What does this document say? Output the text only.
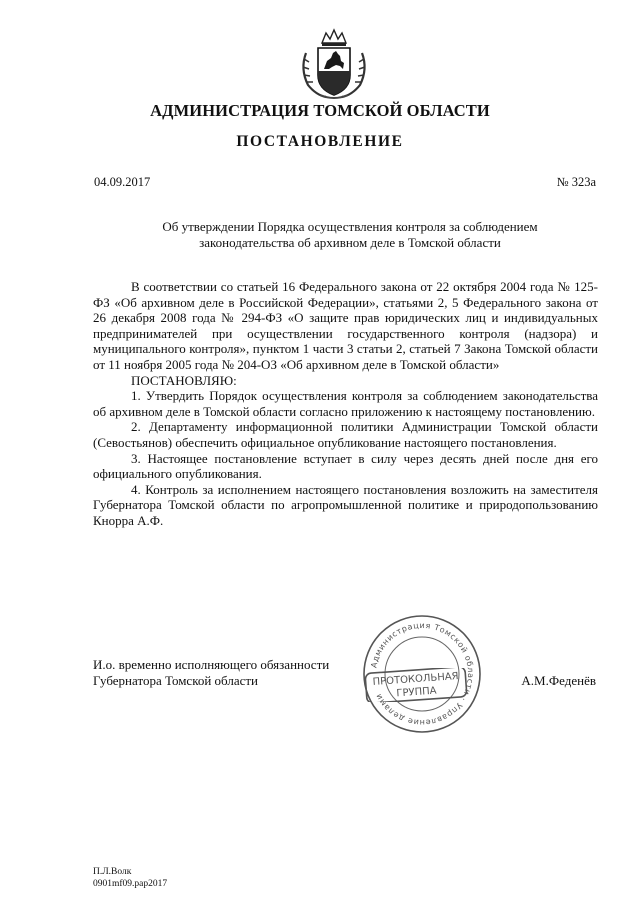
АДМИНИСТРАЦИЯ ТОМСКОЙ ОБЛАСТИ
ПОСТАНОВЛЕНИЕ
04.09.2017	№ 323а
Об утверждении Порядка осуществления контроля за соблюдением
законодательства об архивном деле в Томской области

В соответствии со статьей 16 Федерального закона от 22 октября 2004 года № 125-ФЗ «Об архивном деле в Российской Федерации», статьями 2, 5 Федерального закона от 26 декабря 2008 года № 294-ФЗ «О защите прав юридических лиц и индивидуальных предпринимателей при осуществлении государственного контроля (надзора) и муниципального контроля», пунктом 1 части 3 статьи 2, статьей 7 Закона Томской области от 11 ноября 2005 года № 204-ОЗ «Об архивном деле в Томской области»

ПОСТАНОВЛЯЮ:

1. Утвердить Порядок осуществления контроля за соблюдением законодательства об архивном деле в Томской области согласно приложению к настоящему постановлению.

2. Департаменту информационной политики Администрации Томской области (Севостьянов) обеспечить официальное опубликование настоящего постановления.

3. Настоящее постановление вступает в силу через десять дней после дня его официального опубликования.

4. Контроль за исполнением настоящего постановления возложить на заместителя Губернатора Томской области по агропромышленной политике и природопользованию Кнорра А.Ф.

И.о. временно исполняющего обязанности
Губернатора Томской области
Администрация Томской области · Управление делами
ПРОТОКОЛЬНАЯ
ГРУППА
А.М.Феденёв
П.Л.Волк
0901mf09.pap2017
